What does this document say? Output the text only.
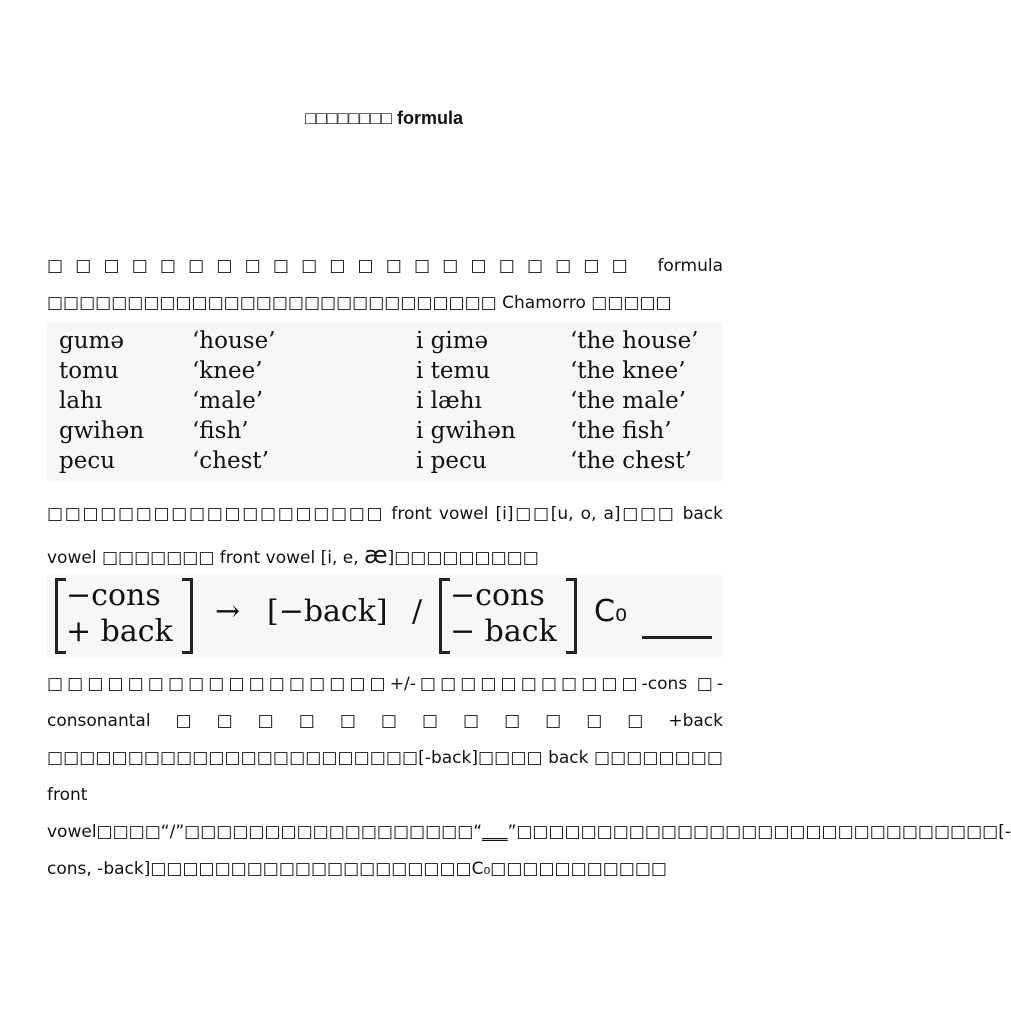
□□□□□□□□ formula
□□□□□□□□□□□□□□□□□□□□□ formula □□□□□□□□□□□□□□□□□□□□□□□□□□□□ Chamorro □□□□□
gumə	‘house’	i gimə	‘the house’
tomu	‘knee’	i temu	‘the knee’
lahı	‘male’	i læhı	‘the male’
gwihən	‘fish’	i gwihən	‘the fish’
pecu	‘chest’	i pecu	‘the chest’
□□□□□□□□□□□□□□□□□□□ front vowel [i]□□[u, o, a]□□□ back vowel □□□□□□□ front vowel [i, e, æ]□□□□□□□□□
−cons
+ back
→ [−back] / −cons
− back
C₀
□□□□□□□□□□□□□□□□□+/-□□□□□□□□□□□-cons □-consonantal□□□□□□□□□□□□+back □□□□□□□□□□□□□□□□□□□□□□□[-back]□□□□ back □□□□□□□□ front vowel□□□□“/”□□□□□□□□□□□□□□□□□□“___”□□□□□□□□□□□□□□□□□□□□□□□□□□□□□□[-cons, -back]□□□□□□□□□□□□□□□□□□□□C₀□□□□□□□□□□□
